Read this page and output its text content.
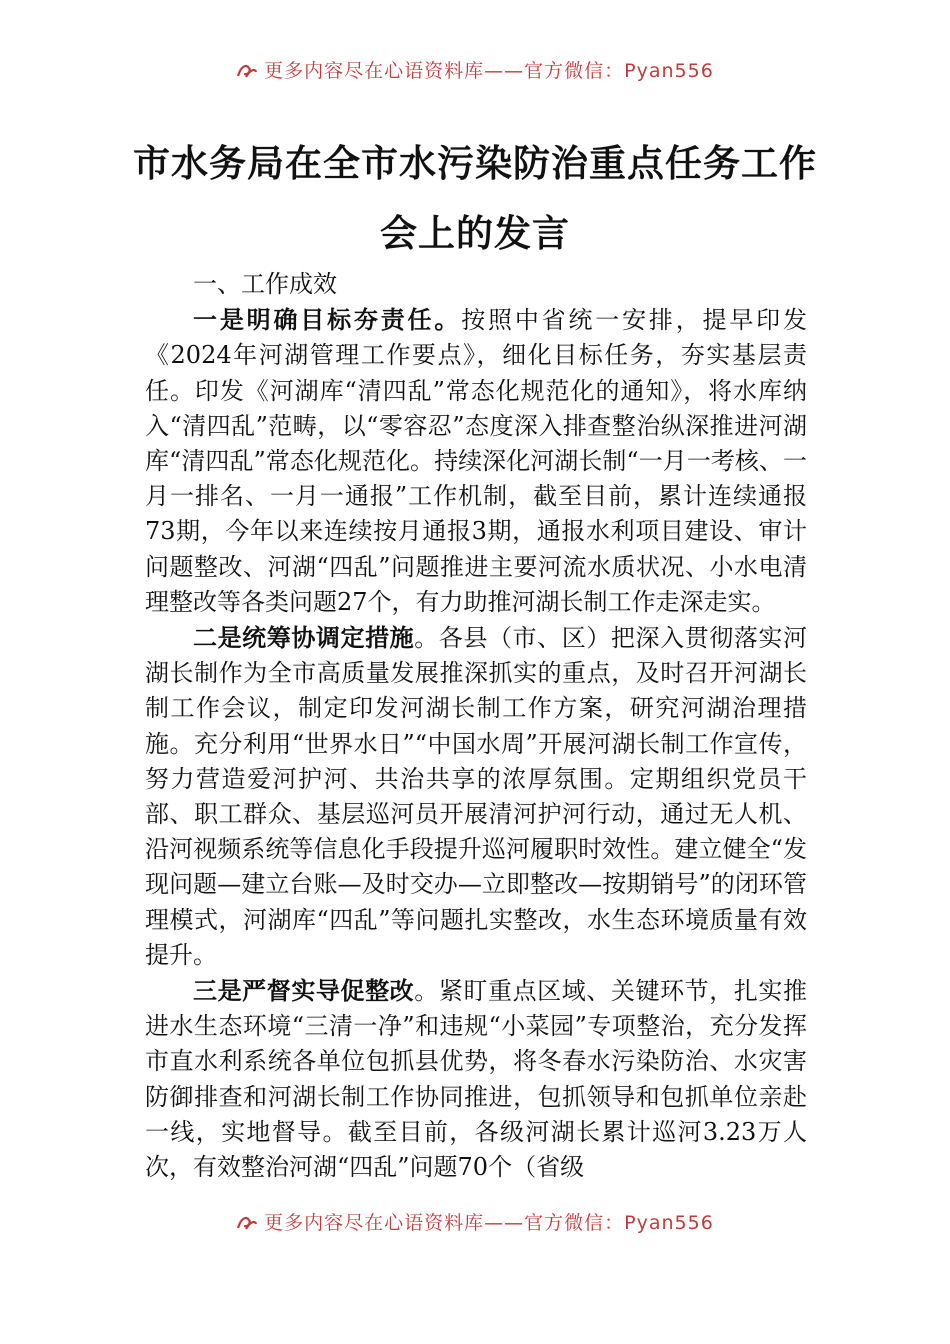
更多内容尽在心语资料库——官方微信：Pyan556
市水务局在全市水污染防治重点任务工作
会上的发言

一、工作成效

一是明确目标夯责任。按照中省统一安排，提早印发《2024年河湖管理工作要点》，细化目标任务，夯实基层责任。印发《河湖库“清四乱”常态化规范化的通知》，将水库纳入“清四乱”范畴，以“零容忍”态度深入排查整治纵深推进河湖库“清四乱”常态化规范化。持续深化河湖长制“一月一考核、一月一排名、一月一通报”工作机制，截至目前，累计连续通报73期，今年以来连续按月通报3期，通报水利项目建设、审计问题整改、河湖“四乱”问题推进主要河流水质状况、小水电清理整改等各类问题27个，有力助推河湖长制工作走深走实。

二是统筹协调定措施。各县（市、区）把深入贯彻落实河湖长制作为全市高质量发展推深抓实的重点，及时召开河湖长制工作会议，制定印发河湖长制工作方案，研究河湖治理措施。充分利用“世界水日”“中国水周”开展河湖长制工作宣传，努力营造爱河护河、共治共享的浓厚氛围。定期组织党员干部、职工群众、基层巡河员开展清河护河行动，通过无人机、沿河视频系统等信息化手段提升巡河履职时效性。建立健全“发现问题—建立台账—及时交办—立即整改—按期销号”的闭环管理模式，河湖库“四乱”等问题扎实整改，水生态环境质量有效提升。

三是严督实导促整改。紧盯重点区域、关键环节，扎实推进水生态环境“三清一净”和违规“小菜园”专项整治，充分发挥市直水利系统各单位包抓县优势，将冬春水污染防治、水灾害防御排查和河湖长制工作协同推进，包抓领导和包抓单位亲赴一线，实地督导。截至目前，各级河湖长累计巡河3.23万人次，有效整治河湖“四乱”问题70个（省级

更多内容尽在心语资料库——官方微信：Pyan556
